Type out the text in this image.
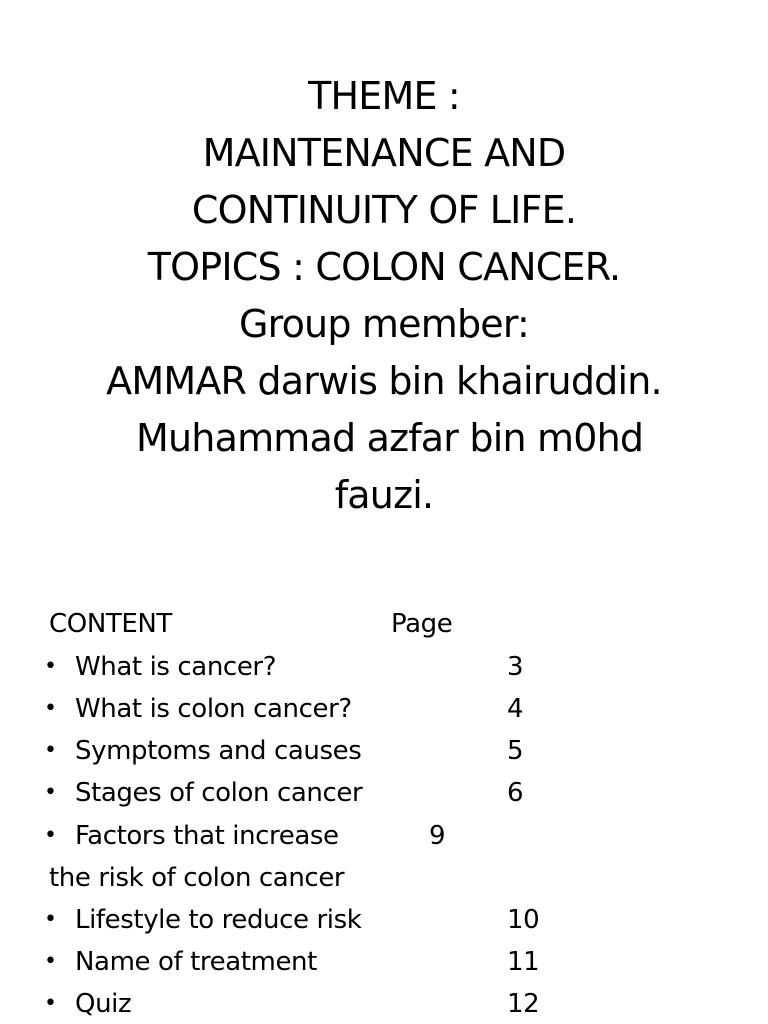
THEME :
MAINTENANCE AND
CONTINUITY OF LIFE.
TOPICS : COLON CANCER.
Group member:
AMMAR darwis bin khairuddin.
Muhammad azfar bin m0hd
fauzi.
CONTENT	Page
• What is cancer?	3
• What is colon cancer?	4
• Symptoms and causes	5
• Stages of colon cancer	6
• Factors that increase	9
the risk of colon cancer
• Lifestyle to reduce risk	10
• Name of treatment	11
• Quiz	12
